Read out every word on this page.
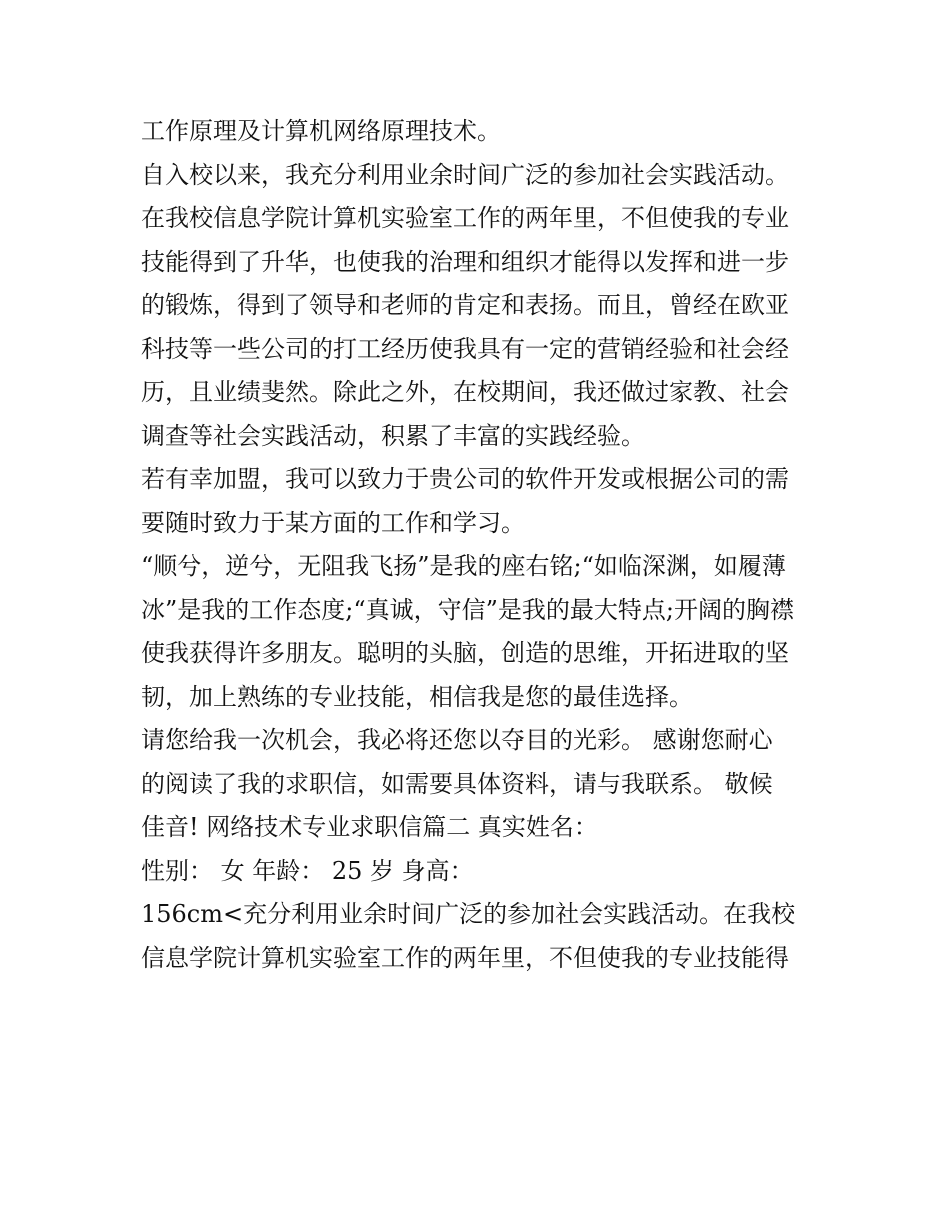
工作原理及计算机网络原理技术。
自入校以来，我充分利用业余时间广泛的参加社会实践活动。
在我校信息学院计算机实验室工作的两年里，不但使我的专业
技能得到了升华，也使我的治理和组织才能得以发挥和进一步
的锻炼，得到了领导和老师的肯定和表扬。而且，曾经在欧亚
科技等一些公司的打工经历使我具有一定的营销经验和社会经
历，且业绩斐然。除此之外，在校期间，我还做过家教、社会
调查等社会实践活动，积累了丰富的实践经验。
若有幸加盟，我可以致力于贵公司的软件开发或根据公司的需
要随时致力于某方面的工作和学习。
“顺兮，逆兮，无阻我飞扬”是我的座右铭;“如临深渊，如履薄
冰”是我的工作态度;“真诚，守信”是我的最大特点;开阔的胸襟
使我获得许多朋友。聪明的头脑，创造的思维，开拓进取的坚
韧，加上熟练的专业技能，相信我是您的最佳选择。
请您给我一次机会，我必将还您以夺目的光彩。 感谢您耐心
的阅读了我的求职信，如需要具体资料，请与我联系。 敬候
佳音! 网络技术专业求职信篇二 真实姓名：
性别： 女 年龄： 25 岁 身高：
156cm<充分利用业余时间广泛的参加社会实践活动。在我校
信息学院计算机实验室工作的两年里，不但使我的专业技能得
